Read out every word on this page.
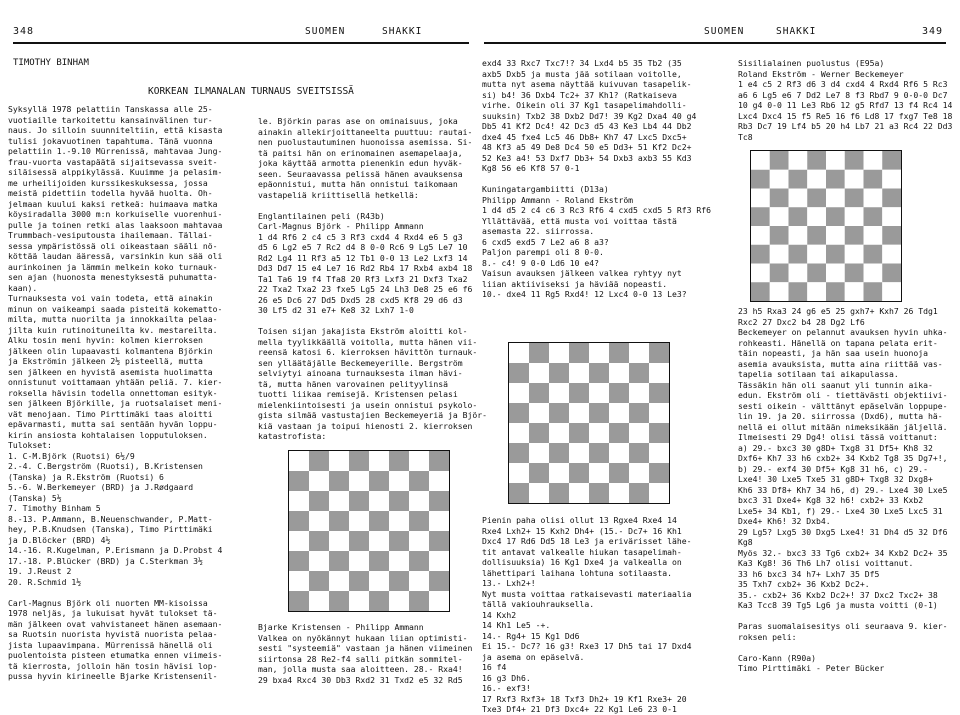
348	SUOMEN	SHAKKI
TIMOTHY BINHAM
KORKEAN ILMANALAN TURNAUS SVEITSISSÄ
Syksyllä 1978 pelattiin Tanskassa alle 25-
vuotiaille tarkoitettu kansainvälinen tur-
naus. Jo silloin suunniteltiin, että kisasta
tulisi jokavuotinen tapahtuma. Tänä vuonna
pelattiin 1.-9.10 Mürrenissä, mahtavaa Jung-
frau-vuorta vastapäätä sijaitsevassa sveit-
siläisessä alppikylässä. Kuuimme ja pelasim-
me urheilijoiden kurssikeskuksessa, jossa
meistä pidettiin todella hyvää huolta. Oh-
jelmaan kuului kaksi retkeä: huimaava matka
köysiradalla 3000 m:n korkuiselle vuorenhui-
pulle ja toinen retki alas laaksoon mahtavaa
Trummbach-vesiputousta ihailemaan. Tällai-
sessa ympäristössä oli oikeastaan sääli nö-
köttää laudan ääressä, varsinkin kun sää oli
aurinkoinen ja lämmin melkein koko turnauk-
sen ajan (huonosta menestyksestä puhumatta-
kaan).
Turnauksesta voi vain todeta, että ainakin
minun on vaikeampi saada pisteitä kokematto-
milta, mutta nuorilta ja innokkailta pelaa-
jilta kuin rutinoituneilta kv. mestareilta.
Alku tosin meni hyvin: kolmen kierroksen
jälkeen olin lupaavasti kolmantena Björkin
ja Ekströmin jälkeen 2½ pisteellä, mutta
sen jälkeen en hyvistä asemista huolimatta
onnistunut voittamaan yhtään peliä. 7. kier-
roksella hävisin todella onnettoman esityk-
sen jälkeen Björkille, ja ruotsalaiset meni-
vät menojaan. Timo Pirttimäki taas aloitti
epävarmasti, mutta sai sentään hyvän loppu-
kirin ansiosta kohtalaisen lopputuloksen.
Tulokset:
1. C-M.Björk (Ruotsi) 6½/9
2.-4. C.Bergström (Ruotsi), B.Kristensen
(Tanska) ja R.Ekström (Ruotsi) 6
5.-6. W.Berkemeyer (BRD) ja J.Rødgaard
(Tanska) 5½
7. Timothy Binham 5
8.-13. P.Ammann, B.Neuenschwander, P.Matt-
hey, P.B.Knudsen (Tanska), Timo Pirttimäki
ja D.Blöcker (BRD) 4½
14.-16. R.Kugelman, P.Erismann ja D.Probst 4
17.-18. P.Blücker (BRD) ja C.Sterkman 3½
19. J.Reust 2
20. R.Schmid 1½

Carl-Magnus Björk oli nuorten MM-kisoissa
1978 neljäs, ja lukuisat hyvät tulokset tä-
män jälkeen ovat vahvistaneet hänen asemaan-
sa Ruotsin nuorista hyvistä nuorista pelaa-
jista lupaavimpana. Mürrenissä hänellä oli
puolentoista pisteen etumatka ennen viimeis-
tä kierrosta, jolloin hän tosin hävisi lop-
pussa hyvin kirineelle Bjarke Kristensenil-
le. Björkin paras ase on ominaisuus, joka
ainakin allekirjoittaneelta puuttuu: rautai-
nen puolustautuminen huonoissa asemissa. Si-
tä paitsi hän on erinomainen asemapelaaja,
joka käyttää armotta pienenkin edun hyväk-
seen. Seuraavassa pelissä hänen avauksensa
epäonnistui, mutta hän onnistui taikomaan
vastapeliä kriittisellä hetkellä:

Englantilainen peli (R43b)
Carl-Magnus Björk - Philipp Ammann
1 d4 Rf6 2 c4 c5 3 Rf3 cxd4 4 Rxd4 e6 5 g3
d5 6 Lg2 e5 7 Rc2 d4 8 0-0 Rc6 9 Lg5 Le7 10
Rd2 Lg4 11 Rf3 a5 12 Tb1 0-0 13 Le2 Lxf3 14
Dd3 Dd7 15 e4 Le7 16 Rd2 Rb4 17 Rxb4 axb4 18
Ta1 Ta6 19 f4 Tfa8 20 Rf3 Lxf3 21 Dxf3 Txa2
22 Txa2 Txa2 23 fxe5 Lg5 24 Lh3 De8 25 e6 f6
26 e5 Dc6 27 Dd5 Dxd5 28 cxd5 Kf8 29 d6 d3
30 Lf5 d2 31 e7+ Ke8 32 Lxh7 1-0

Toisen sijan jakajista Ekström aloitti kol-
mella tyylikkäällä voitolla, mutta hänen vii-
reensä katosi 6. kierroksen hävittön turnauk-
sen ylläätäjälle Beckemeyerille. Bergström
selviytyi ainoana turnauksesta ilman hävi-
tä, mutta hänen varovainen pelityylinsä
tuotti liikaa remisejä. Kristensen pelasi
mielenkiintoisesti ja usein onnistui psykolo-
gista silmää vastustajien Beckemeyeriä ja Björ-
kiä vastaan ja toipui hienosti 2. kierroksen
katastrofista:
Bjarke Kristensen - Philipp Ammann
Valkea on nyökännyt hukaan liian optimisti-
sesti "systeemiä" vastaan ja hänen viimeinen
siirtonsa 28 Re2-f4 salli pitkän sommitel-
man, jolla musta saa aloitteen. 28.- Rxa4!
29 bxa4 Rxc4 30 Db3 Rxd2 31 Txd2 e5 32 Rd5
SUOMEN	SHAKKI	349
exd4 33 Rxc7 Txc7!? 34 Lxd4 b5 35 Tb2 (35
axb5 Dxb5 ja musta jää sotilaan voitolle,
mutta nyt asema näyttää kuivuvan tasapelik-
si) b4! 36 Dxb4 Tc2+ 37 Kh1? (Ratkaiseva
virhe. Oikein oli 37 Kg1 tasapelimahdolli-
suuksin) Txb2 38 Dxb2 Dd7! 39 Kg2 Dxa4 40 g4
Db5 41 Kf2 Dc4! 42 Dc3 d5 43 Ke3 Lb4 44 Db2
dxe4 45 fxe4 Lc5 46 Db8+ Kh7 47 Lxc5 Dxc5+
48 Kf3 a5 49 De8 Dc4 50 e5 Dd3+ 51 Kf2 Dc2+
52 Ke3 a4! 53 Dxf7 Db3+ 54 Dxb3 axb3 55 Kd3
Kg8 56 e6 Kf8 57 0-1

Kuningatargambiitti (D13a)
Philipp Ammann - Roland Ekström
1 d4 d5 2 c4 c6 3 Rc3 Rf6 4 cxd5 cxd5 5 Rf3 Rf6
Yllättävää, että musta voi voittaa tästä
asemasta 22. siirrossa.
6 cxd5 exd5 7 Le2 a6 8 a3?
Paljon parempi oli 8 0-0.
8.- c4! 9 0-0 Ld6 10 e4?
Vaisun avauksen jälkeen valkea ryhtyy nyt
liian aktiiviseksi ja häviää nopeasti.
10.- dxe4 11 Rg5 Rxd4! 12 Lxc4 0-0 13 Le3?
Pienin paha olisi ollut 13 Rgxe4 Rxe4 14
Rxe4 Lxh2+ 15 Kxh2 Dh4+ (15.- Dc7+ 16 Kh1
Dxc4 17 Rd6 Dd5 18 Le3 ja erivärisset lähe-
tit antavat valkealle hiukan tasapelimah-
dollisuuksia) 16 Kg1 Dxe4 ja valkealla on
lähettipari laihana lohtuna sotilaasta.
13.- Lxh2+!
Nyt musta voittaa ratkaisevasti materiaalia
tällä vakiouhrauksella.
14 Kxh2
14 Kh1 Le5 -+.
14.- Rg4+ 15 Kg1 Dd6
Ei 15.- Dc7? 16 g3! Rxe3 17 Dh5 tai 17 Dxd4
ja asema on epäselvä.
16 f4
16 g3 Dh6.
16.- exf3!
17 Rxf3 Rxf3+ 18 Txf3 Dh2+ 19 Kf1 Rxe3+ 20
Txe3 Df4+ 21 Df3 Dxc4+ 22 Kg1 Le6 23 0-1
Sisilialainen puolustus (E95a)
Roland Ekström - Werner Beckemeyer
1 e4 c5 2 Rf3 d6 3 d4 cxd4 4 Rxd4 Rf6 5 Rc3
a6 6 Lg5 e6 7 Dd2 Le7 8 f3 Rbd7 9 0-0-0 Dc7
10 g4 0-0 11 Le3 Rb6 12 g5 Rfd7 13 f4 Rc4 14
Lxc4 Dxc4 15 f5 Re5 16 f6 Ld8 17 fxg7 Te8 18
Rb3 Dc7 19 Lf4 b5 20 h4 Lb7 21 a3 Rc4 22 Dd3
Tc8
23 h5 Rxa3 24 g6 e5 25 gxh7+ Kxh7 26 Tdg1
Rxc2 27 Dxc2 b4 28 Dg2 Lf6
Beckemeyer on pelannut avauksen hyvin uhka-
rohkeasti. Hänellä on tapana pelata erit-
täin nopeasti, ja hän saa usein huonoja
asemia avauksista, mutta aina riittää vas-
tapelia sotilaan tai aikapulassa.
Tässäkin hän oli saanut yli tunnin aika-
edun. Ekström oli - tiettävästi objektiivi-
sesti oikein - välttänyt epäselvän loppupe-
lin 19. ja 20. siirrossa (Dxd6), mutta hä-
nellä ei ollut mitään nimeksikään jäljellä.
Ilmeisesti 29 Dg4! olisi tässä voittanut:
a) 29.- bxc3 30 g8D+ Txg8 31 Df5+ Kh8 32
Dxf6+ Kh7 33 h6 cxb2+ 34 Kxb2 Tg8 35 Dg7+!,
b) 29.- exf4 30 Df5+ Kg8 31 h6, c) 29.-
Lxe4! 30 Lxe5 Txe5 31 g8D+ Txg8 32 Dxg8+
Kh6 33 Df8+ Kh7 34 h6, d) 29.- Lxe4 30 Lxe5
bxc3 31 Dxe4+ Kg8 32 h6! cxb2+ 33 Kxb2
Lxe5+ 34 Kb1, f) 29.- Lxe4 30 Lxe5 Lxc5 31
Dxe4+ Kh6! 32 Dxb4.
29 Lg5? Lxg5 30 Dxg5 Lxe4! 31 Dh4 d5 32 Df6
Kg8
Myös 32.- bxc3 33 Tg6 cxb2+ 34 Kxb2 Dc2+ 35
Ka3 Kg8! 36 Th6 Lh7 olisi voittanut.
33 h6 bxc3 34 h7+ Lxh7 35 Df5
35 Txh7 cxb2+ 36 Kxb2 Dc2+.
35.- cxb2+ 36 Kxb2 Dc2+! 37 Dxc2 Txc2+ 38
Ka3 Tcc8 39 Tg5 Lg6 ja musta voitti (0-1)

Paras suomalaisesitys oli seuraava 9. kier-
roksen peli:

Caro-Kann (R90a)
Timo Pirttimäki - Peter Bücker
